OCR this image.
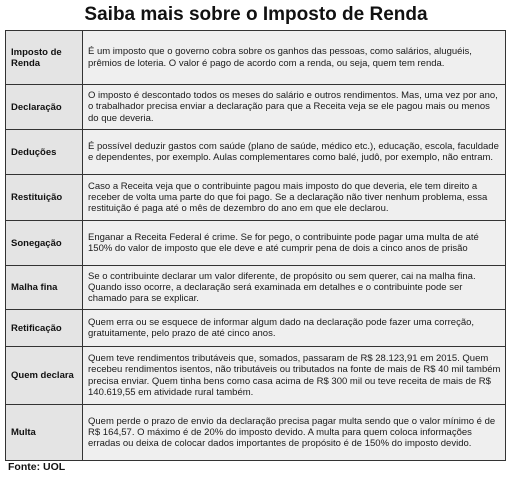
Saiba mais sobre o Imposto de Renda
Imposto de Renda	É um imposto que o governo cobra sobre os ganhos das pessoas, como salários, aluguéis, prêmios de loteria. O valor é pago de acordo com a renda, ou seja, quem tem renda.

Declaração	O imposto é descontado todos os meses do salário e outros rendimentos. Mas, uma vez por ano, o trabalhador precisa enviar a declaração para que a Receita veja se ele pagou mais ou menos do que deveria.

Deduções	É possível deduzir gastos com saúde (plano de saúde, médico etc.), educação, escola, faculdade e dependentes, por exemplo. Aulas complementares como balé, judô, por exemplo, não entram.

Restituição	Caso a Receita veja que o contribuinte pagou mais imposto do que deveria, ele tem direito a receber de volta uma parte do que foi pago. Se a declaração não tiver nenhum problema, essa restituição é paga até o mês de dezembro do ano em que ele declarou.

Sonegação	Enganar a Receita Federal é crime. Se for pego, o contribuinte pode pagar uma multa de até 150% do valor de imposto que ele deve e até cumprir pena de dois a cinco anos de prisão

Malha fina	Se o contribuinte declarar um valor diferente, de propósito ou sem querer, cai na malha fina. Quando isso ocorre, a declaração será examinada em detalhes e o contribuinte pode ser chamado para se explicar.

Retificação	Quem erra ou se esquece de informar algum dado na declaração pode fazer uma correção, gratuitamente, pelo prazo de até cinco anos.

Quem declara	Quem teve rendimentos tributáveis que, somados, passaram de R$ 28.123,91 em 2015. Quem recebeu rendimentos isentos, não tributáveis ou tributados na fonte de mais de R$ 40 mil também precisa enviar. Quem tinha bens como casa acima de R$ 300 mil ou teve receita de mais de R$ 140.619,55 em atividade rural também.

Multa	Quem perde o prazo de envio da declaração precisa pagar multa sendo que o valor mínimo é de R$ 164,57. O máximo é de 20% do imposto devido. A multa para quem coloca informações erradas ou deixa de colocar dados importantes de propósito é de 150% do imposto devido.
Fonte: UOL
